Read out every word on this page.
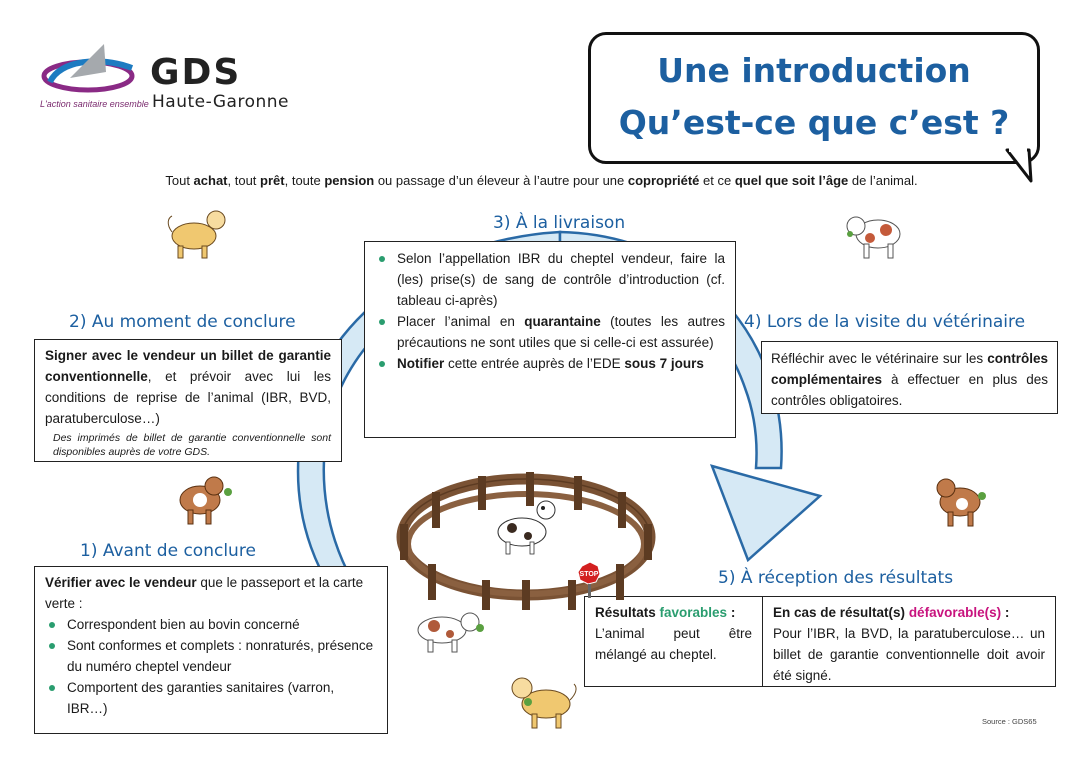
GDS
Haute-Garonne
L'action sanitaire ensemble
Une introduction
Qu’est-ce que c’est ?
Tout achat, tout prêt, toute pension ou passage d’un éleveur à l’autre pour une copropriété et ce quel que soit l’âge de l’animal.
3) À la livraison
Selon l’appellation IBR du cheptel vendeur, faire la (les) prise(s) de sang de contrôle d’introduction (cf. tableau ci-après)
Placer l’animal en quarantaine (toutes les autres précautions ne sont utiles que si celle-ci est assurée)
Notifier cette entrée auprès de l’EDE sous 7 jours
2) Au moment de conclure

Signer avec le vendeur un billet de garantie conventionnelle, et prévoir avec lui les conditions de reprise de l’animal (IBR, BVD, paratuberculose…)

Des imprimés de billet de garantie conventionnelle sont disponibles auprès de votre GDS.

4) Lors de la visite du vétérinaire

Réfléchir avec le vétérinaire sur les contrôles complémentaires à effectuer en plus des contrôles obligatoires.

1) Avant de conclure

Vérifier avec le vendeur que le passeport et la carte verte :

Correspondent bien au bovin concerné
Sont conformes et complets : nonraturés, présence du numéro cheptel vendeur
Comportent des garanties sanitaires (varron, IBR…)
5) À réception des résultats

Résultats favorables :

L’animal peut être mélangé au cheptel.

En cas de résultat(s) défavorable(s) :

Pour l’IBR, la BVD, la paratuberculose… un billet de garantie conventionnelle doit avoir été signé.

STOP
Source : GDS65
